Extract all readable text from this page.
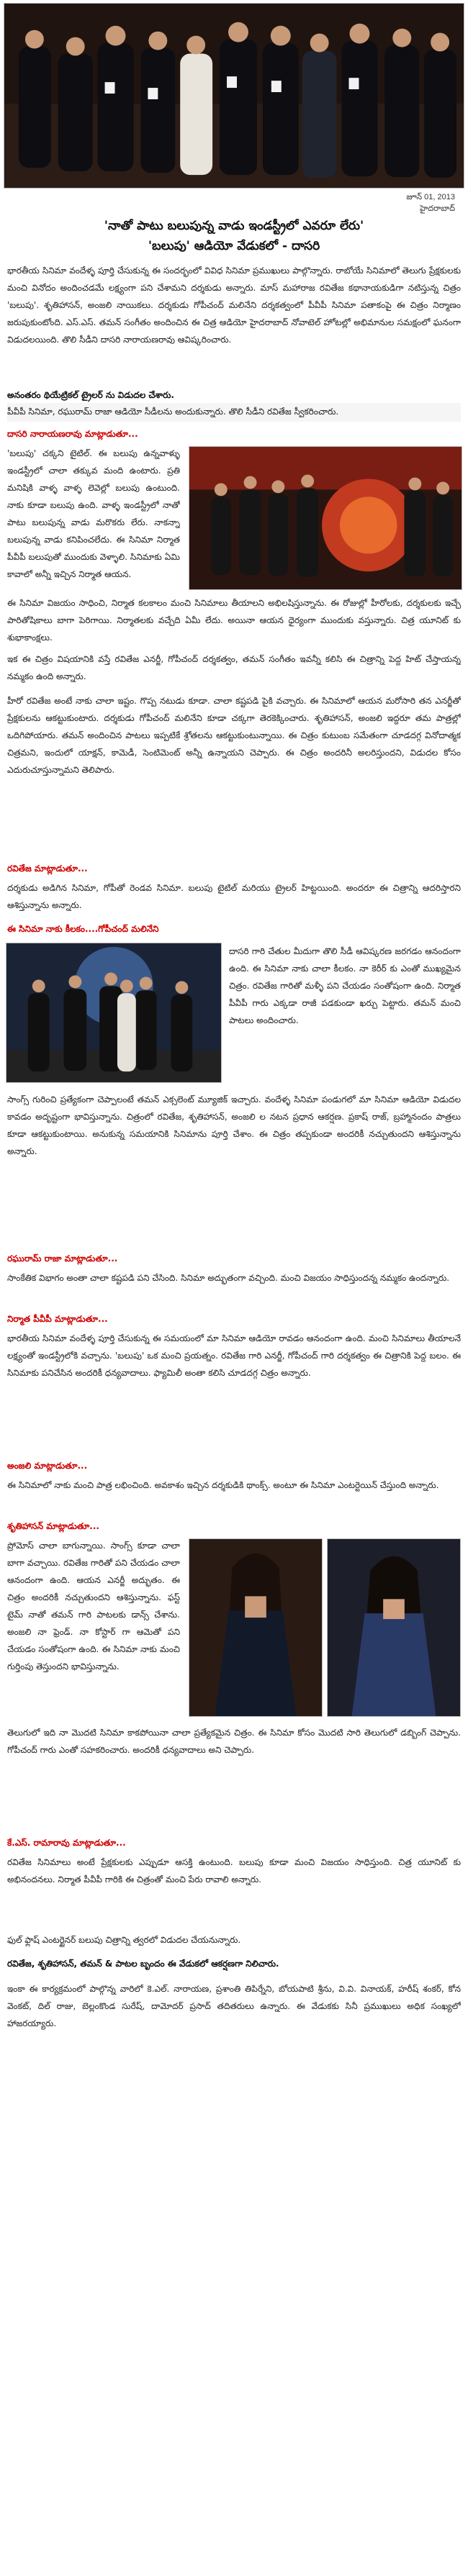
జూన్ 01, 2013
హైదరాబాద్
'నాతో పాటు బలుపున్న వాడు ఇండస్ట్రీలో ఎవరూ లేరు'
'బలుపు' ఆడియో వేడుకలో - దాసరి
భారతీయ సినిమా వందేళ్ళ పూర్తి చేసుకున్న ఈ సందర్భంలో వివిధ సినిమా ప్రముఖులు పాల్గొన్నారు. రాబోయే సినిమాలో తెలుగు ప్రేక్షకులకు మంచి వినోదం అందించడమే లక్ష్యంగా పని చేశామని దర్శకుడు అన్నారు. మాస్ మహారాజ రవితేజ కథానాయకుడిగా నటిస్తున్న చిత్రం 'బలుపు'. శృతిహాసన్, అంజలి నాయికలు. దర్శకుడు గోపీచంద్ మలినేని దర్శకత్వంలో పీవీపీ సినిమా పతాకంపై ఈ చిత్రం నిర్మాణం జరుపుకుంటోంది. ఎస్.ఎస్. తమన్ సంగీతం అందించిన ఈ చిత్ర ఆడియో హైదరాబాద్ నోవాటెల్ హోటల్లో అభిమానుల సమక్షంలో ఘనంగా విడుదలయింది. తొలి సీడీని దాసరి నారాయణరావు ఆవిష్కరించారు.
అనంతరం థియేట్రికల్ ట్రైలర్ ను విడుదల చేశారు.
పీవీపీ సినిమా, రఘురామ్ రాజా ఆడియో సీడీలను అందుకున్నారు. తొలి సీడీని రవితేజ స్వీకరించారు.
దాసరి నారాయణరావు మాట్లాడుతూ...
'బలుపు' చక్కని టైటిల్. ఈ బలుపు ఉన్నవాళ్ళు ఇండస్ట్రీలో చాలా తక్కువ మంది ఉంటారు. ప్రతి మనిషికి వాళ్ళ వాళ్ళ లెవెల్లో బలుపు ఉంటుంది. నాకు కూడా బలుపు ఉంది. వాళ్ళ ఇండస్ట్రీలో నాతో పాటు బలుపున్న వాడు మరొకరు లేరు. నాకన్నా బలుపున్న వాడు కనిపించలేదు. ఈ సినిమా నిర్మాత పీవీపీ బలుపుతో ముందుకు వెళ్ళాలి. సినిమాకు ఏమి కావాలో అన్నీ ఇచ్చిన నిర్మాత ఆయన.
ఈ సినిమా విజయం సాధించి, నిర్మాత కలకాలం మంచి సినిమాలు తీయాలని అభిలషిస్తున్నాను. ఈ రోజుల్లో హీరోలకు, దర్శకులకు ఇచ్చే పారితోషికాలు బాగా పెరిగాయి. నిర్మాతలకు వచ్చేది ఏమీ లేదు. అయినా ఆయన ధైర్యంగా ముందుకు వస్తున్నారు. చిత్ర యూనిట్ కు శుభాకాంక్షలు.
ఇక ఈ చిత్రం విషయానికి వస్తే రవితేజ ఎనర్జీ, గోపీచంద్ దర్శకత్వం, తమన్ సంగీతం ఇవన్నీ కలిసి ఈ చిత్రాన్ని పెద్ద హిట్ చేస్తాయన్న నమ్మకం ఉంది అన్నారు.
హీరో రవితేజ అంటే నాకు చాలా ఇష్టం. గొప్ప నటుడు కూడా. చాలా కష్టపడి పైకి వచ్చారు. ఈ సినిమాలో ఆయన మరోసారి తన ఎనర్జీతో ప్రేక్షకులను ఆకట్టుకుంటారు. దర్శకుడు గోపీచంద్ మలినేని కూడా చక్కగా తెరకెక్కించారు. శృతిహాసన్, అంజలి ఇద్దరూ తమ పాత్రల్లో ఒదిగిపోయారు. తమన్ అందించిన పాటలు ఇప్పటికే శ్రోతలను ఆకట్టుకుంటున్నాయి. ఈ చిత్రం కుటుంబ సమేతంగా చూడదగ్గ వినోదాత్మక చిత్రమని, ఇందులో యాక్షన్, కామెడీ, సెంటిమెంట్ అన్నీ ఉన్నాయని చెప్పారు. ఈ చిత్రం అందరినీ అలరిస్తుందని, విడుదల కోసం ఎదురుచూస్తున్నామని తెలిపారు.
రవితేజ మాట్లాడుతూ...
దర్శకుడు అడిగిన సినిమా, గోపీతో రెండవ సినిమా. బలుపు టైటిల్ మరియు ట్రైలర్ హిట్టయింది. అందరూ ఈ చిత్రాన్ని ఆదరిస్తారని ఆశిస్తున్నాను అన్నారు.
ఈ సినిమా నాకు కీలకం....గోపీచంద్ మలినేని
దాసరి గారి చేతుల మీదుగా తొలి సీడీ ఆవిష్కరణ జరగడం ఆనందంగా ఉంది. ఈ సినిమా నాకు చాలా కీలకం. నా కెరీర్ కు ఎంతో ముఖ్యమైన చిత్రం. రవితేజ గారితో మళ్ళీ పని చేయడం సంతోషంగా ఉంది. నిర్మాత పీవీపీ గారు ఎక్కడా రాజీ పడకుండా ఖర్చు పెట్టారు. తమన్ మంచి పాటలు అందించారు.
సాంగ్స్ గురించి ప్రత్యేకంగా చెప్పాలంటే తమన్ ఎక్సలెంట్ మ్యూజిక్ ఇచ్చారు. వందేళ్ళ సినిమా పండుగలో మా సినిమా ఆడియో విడుదల కావడం అదృష్టంగా భావిస్తున్నాను. చిత్రంలో రవితేజ, శృతిహాసన్, అంజలి ల నటన ప్రధాన ఆకర్షణ. ప్రకాష్ రాజ్, బ్రహ్మానందం పాత్రలు కూడా ఆకట్టుకుంటాయి. అనుకున్న సమయానికి సినిమాను పూర్తి చేశాం. ఈ చిత్రం తప్పకుండా అందరికీ నచ్చుతుందని ఆశిస్తున్నాను అన్నారు.
రఘురామ్ రాజా మాట్లాడుతూ...
సాంకేతిక విభాగం అంతా చాలా కష్టపడి పని చేసింది. సినిమా అద్భుతంగా వచ్చింది. మంచి విజయం సాధిస్తుందన్న నమ్మకం ఉందన్నారు.
నిర్మాత పీవీపీ మాట్లాడుతూ...
భారతీయ సినిమా వందేళ్ళ పూర్తి చేసుకున్న ఈ సమయంలో మా సినిమా ఆడియో రావడం ఆనందంగా ఉంది. మంచి సినిమాలు తీయాలనే లక్ష్యంతో ఇండస్ట్రీలోకి వచ్చాను. 'బలుపు' ఒక మంచి ప్రయత్నం. రవితేజ గారి ఎనర్జీ, గోపీచంద్ గారి దర్శకత్వం ఈ చిత్రానికి పెద్ద బలం. ఈ సినిమాకు పనిచేసిన అందరికీ ధన్యవాదాలు. ఫ్యామిలీ అంతా కలిసి చూడదగ్గ చిత్రం అన్నారు.
అంజలి మాట్లాడుతూ...
ఈ సినిమాలో నాకు మంచి పాత్ర లభించింది. అవకాశం ఇచ్చిన దర్శకుడికి థాంక్స్. అంటూ ఈ సినిమా ఎంటర్టెయిన్ చేస్తుంది అన్నారు.
శృతిహాసన్ మాట్లాడుతూ...
ప్రోమోస్ చాలా బాగున్నాయి. సాంగ్స్ కూడా చాలా బాగా వచ్చాయి. రవితేజ గారితో పని చేయడం చాలా ఆనందంగా ఉంది. ఆయన ఎనర్జీ అద్భుతం. ఈ చిత్రం అందరికీ నచ్చుతుందని ఆశిస్తున్నాను. ఫస్ట్ టైమ్ నాతో తమన్ గారి పాటలకు డాన్స్ చేశాను. అంజలి నా ఫ్రెండ్. నా కోస్టార్ గా ఆమెతో పని చేయడం సంతోషంగా ఉంది. ఈ సినిమా నాకు మంచి గుర్తింపు తెస్తుందని భావిస్తున్నాను.
తెలుగులో ఇది నా మొదటి సినిమా కాకపోయినా చాలా ప్రత్యేకమైన చిత్రం. ఈ సినిమా కోసం మొదటి సారి తెలుగులో డబ్బింగ్ చెప్పాను. గోపీచంద్ గారు ఎంతో సహకరించారు. అందరికీ ధన్యవాదాలు అని చెప్పారు.
కే.ఎస్. రామారావు మాట్లాడుతూ...
రవితేజ సినిమాలు అంటే ప్రేక్షకులకు ఎప్పుడూ ఆసక్తి ఉంటుంది. బలుపు కూడా మంచి విజయం సాధిస్తుంది. చిత్ర యూనిట్ కు అభినందనలు. నిర్మాత పీవీపీ గారికి ఈ చిత్రంతో మంచి పేరు రావాలి అన్నారు.
ఫుల్ ఫ్లాష్ ఎంటర్టైనర్ బలుపు చిత్రాన్ని త్వరలో విడుదల చేయనున్నారు.
రవితేజ, శృతిహాసన్, తమన్ & పాటల బృందం ఈ వేడుకలో ఆకర్షణగా నిలిచారు.
ఇంకా ఈ కార్యక్రమంలో పాల్గొన్న వారిలో కె.ఎల్. నారాయణ, ప్రశాంతి తిపిర్నేని, బోయపాటి శ్రీను, వి.వి. వినాయక్, హరీష్ శంకర్, కోన వెంకట్, దిల్ రాజు, బెల్లంకొండ సురేష్, దామోదర్ ప్రసాద్ తదితరులు ఉన్నారు. ఈ వేడుకకు సినీ ప్రముఖులు అధిక సంఖ్యలో హాజరయ్యారు.
